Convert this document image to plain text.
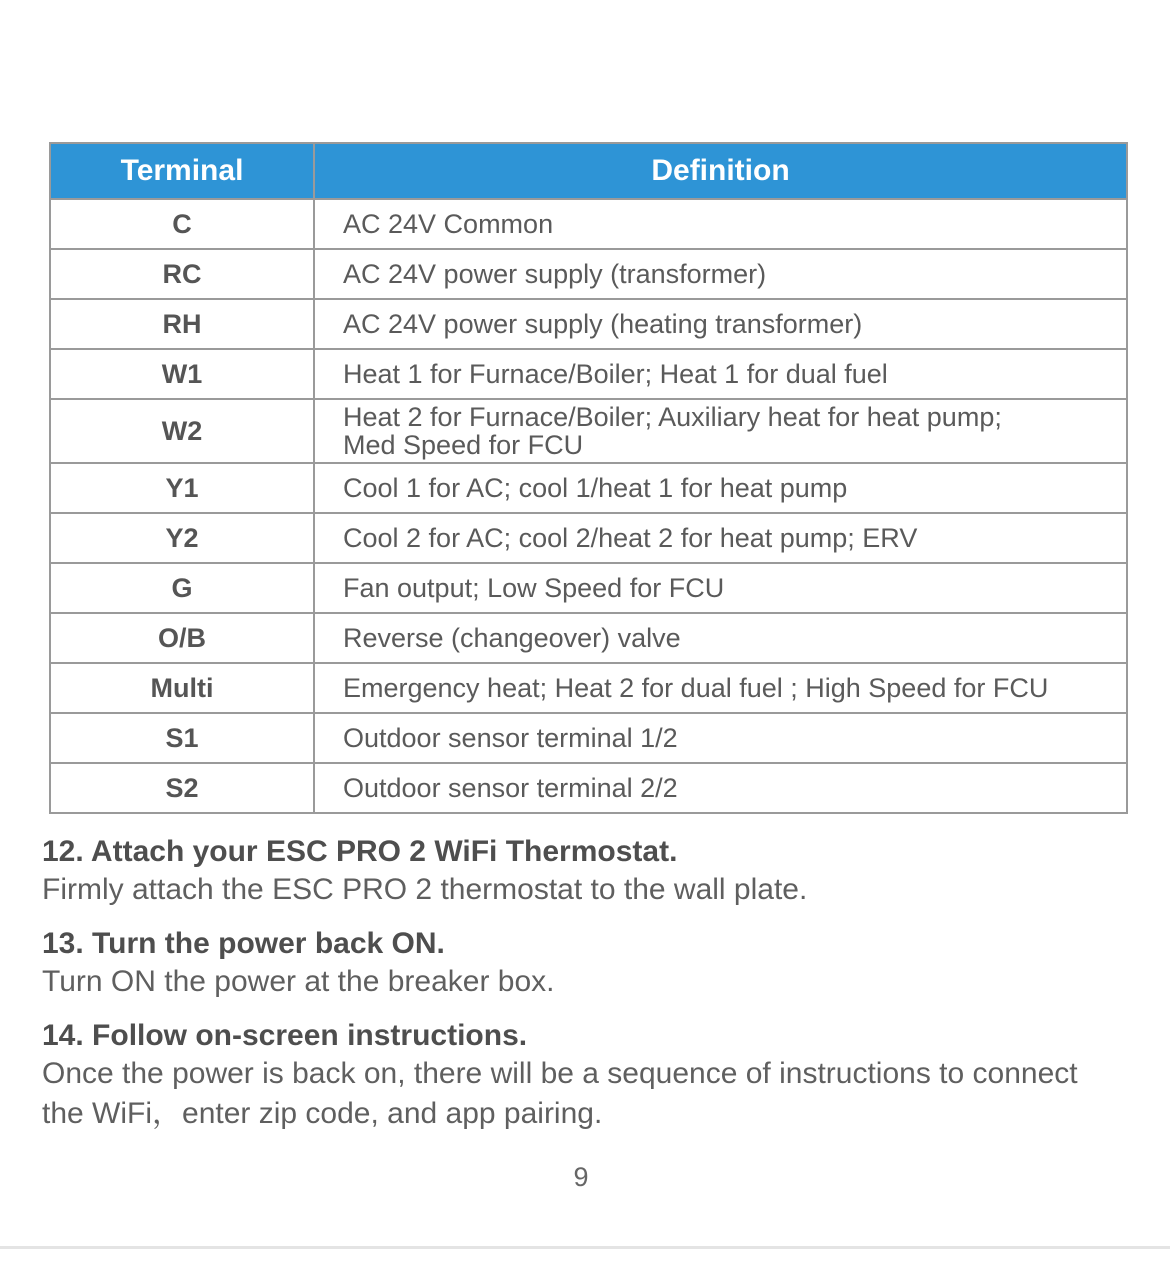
Terminal	Definition
C	AC 24V Common
RC	AC 24V power supply (transformer)
RH	AC 24V power supply (heating transformer)
W1	Heat 1 for Furnace/Boiler; Heat 1 for dual fuel
W2	Heat 2 for Furnace/Boiler; Auxiliary heat for heat pump;
Med Speed for FCU

Y1	Cool 1 for AC; cool 1/heat 1 for heat pump
Y2	Cool 2 for AC; cool 2/heat 2 for heat pump; ERV
G	Fan output; Low Speed for FCU
O/B	Reverse (changeover) valve
Multi	Emergency heat; Heat 2 for dual fuel ; High Speed for FCU
S1	Outdoor sensor terminal 1/2
S2	Outdoor sensor terminal 2/2
12. Attach your ESC PRO 2 WiFi Thermostat.
Firmly attach the ESC PRO 2 thermostat to the wall plate.
13. Turn the power back ON.
Turn ON the power at the breaker box.
14. Follow on-screen instructions.
Once the power is back on, there will be a sequence of instructions to connect
the WiFi，enter zip code, and app pairing.
9
